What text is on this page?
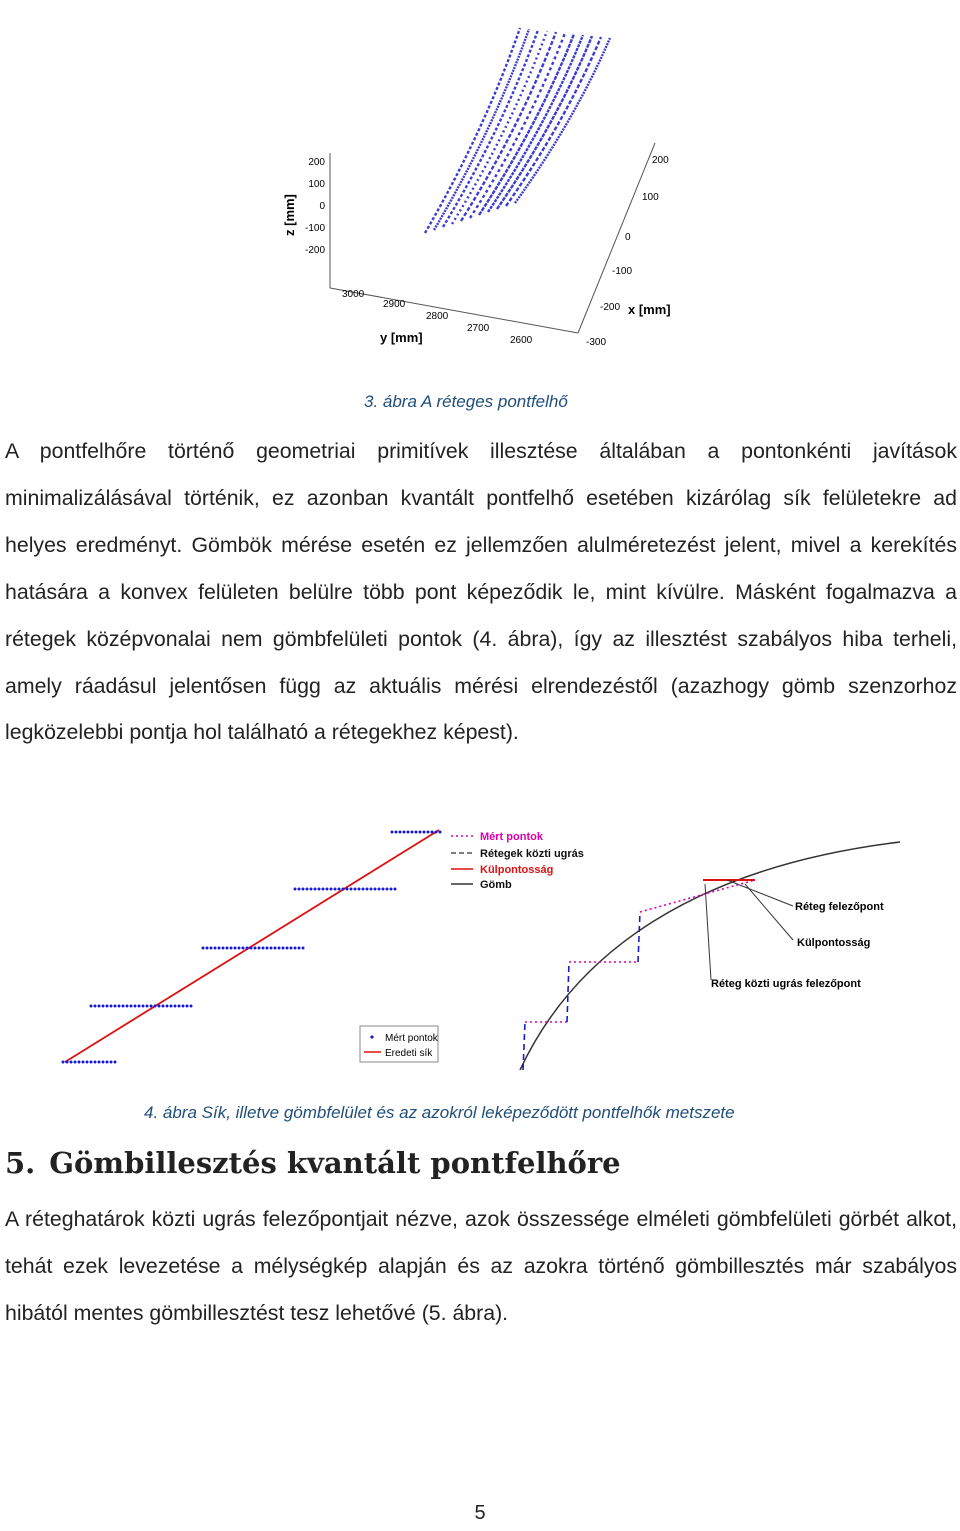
200
100
0
-100
-200
z [mm]
3000
2900
2800
2700
2600
y [mm]
200
100
0
-100
-200
-300
x [mm]
3. ábra A réteges pontfelhő

A pontfelhőre történő geometriai primitívek illesztése általában a pontonkénti javítások minimalizálásával történik, ez azonban kvantált pontfelhő esetében kizárólag sík felületekre ad helyes eredményt. Gömbök mérése esetén ez jellemzően alulméretezést jelent, mivel a kerekítés hatására a konvex felületen belülre több pont képeződik le, mint kívülre. Másként fogalmazva a rétegek középvonalai nem gömbfelületi pontok (4. ábra), így az illesztést szabályos hiba terheli, amely ráadásul jelentősen függ az aktuális mérési elrendezéstől (azazhogy gömb szenzorhoz legközelebbi pontja hol található a rétegekhez képest).

Mért pontok
Eredeti sík
Mért pontok
Rétegek közti ugrás
Külpontosság
Gömb
Réteg felezőpont
Külpontosság
Réteg közti ugrás felezőpont
4. ábra Sík, illetve gömbfelület és az azokról leképeződött pontfelhők metszete
5. Gömbillesztés kvantált pontfelhőre

A réteghatárok közti ugrás felezőpontjait nézve, azok összessége elméleti gömbfelületi görbét alkot, tehát ezek levezetése a mélységkép alapján és az azokra történő gömbillesztés már szabályos hibától mentes gömbillesztést tesz lehetővé (5. ábra).

5
